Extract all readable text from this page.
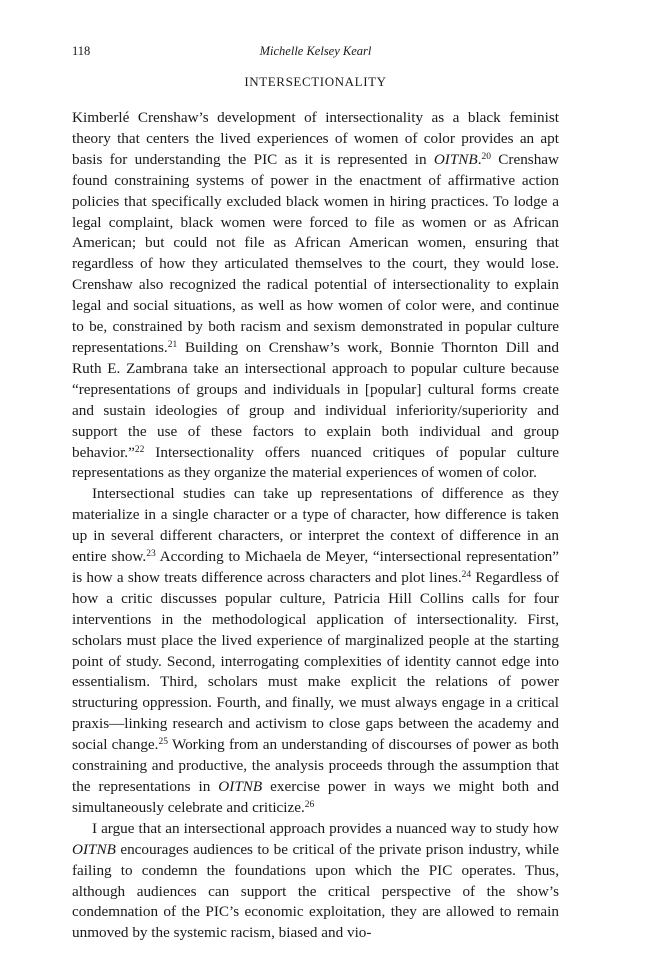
118	Michelle Kelsey Kearl
INTERSECTIONALITY

Kimberlé Crenshaw’s development of intersectionality as a black feminist theory that centers the lived experiences of women of color provides an apt basis for understanding the PIC as it is represented in OITNB.$^{20}$ Crenshaw found constraining systems of power in the enactment of affirmative action policies that specifically excluded black women in hiring practices. To lodge a legal complaint, black women were forced to file as women or as African American; but could not file as African American women, ensuring that regardless of how they articulated themselves to the court, they would lose. Crenshaw also recognized the radical potential of intersectionality to explain legal and social situations, as well as how women of color were, and continue to be, constrained by both racism and sexism demonstrated in popular culture representations.$^{21}$ Building on Crenshaw’s work, Bonnie Thornton Dill and Ruth E. Zambrana take an intersectional approach to popular culture because “representations of groups and individuals in [popular] cultural forms create and sustain ideologies of group and individual inferiority/superiority and support the use of these factors to explain both individual and group behavior.”$^{22}$ Intersectionality offers nuanced critiques of popular culture representations as they organize the material experiences of women of color.

Intersectional studies can take up representations of difference as they materialize in a single character or a type of character, how difference is taken up in several different characters, or interpret the context of difference in an entire show.$^{23}$ According to Michaela de Meyer, “intersectional representation” is how a show treats difference across characters and plot lines.$^{24}$ Regardless of how a critic discusses popular culture, Patricia Hill Collins calls for four interventions in the methodological application of intersectionality. First, scholars must place the lived experience of marginalized people at the starting point of study. Second, interrogating complexities of identity cannot edge into essentialism. Third, scholars must make explicit the relations of power structuring oppression. Fourth, and finally, we must always engage in a critical praxis—linking research and activism to close gaps between the academy and social change.$^{25}$ Working from an understanding of discourses of power as both constraining and productive, the analysis proceeds through the assumption that the representations in OITNB exercise power in ways we might both and simultaneously celebrate and criticize.$^{26}$

I argue that an intersectional approach provides a nuanced way to study how OITNB encourages audiences to be critical of the private prison industry, while failing to condemn the foundations upon which the PIC operates. Thus, although audiences can support the critical perspective of the show’s condemnation of the PIC’s economic exploitation, they are allowed to remain unmoved by the systemic racism, biased and vio-
